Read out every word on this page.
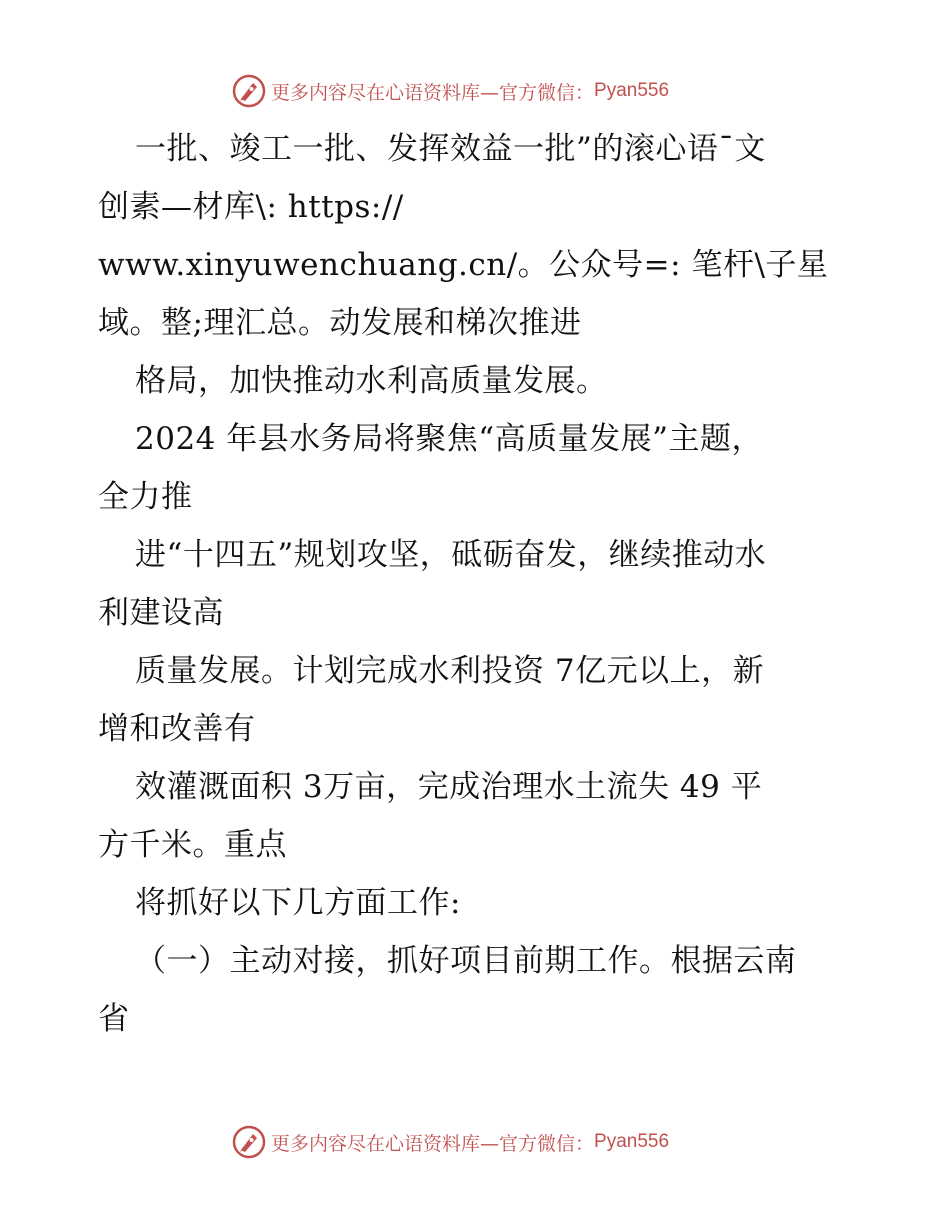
更多内容尽在心语资料库—官方微信： Pyan556
一批、竣工一批、发挥效益一批”的滚心语¯文
创素—材库\: https://
www.xinyuwenchuang.cn/。公众号=: 笔杆\子星
域。整;理汇总。动发展和梯次推进
格局，加快推动水利高质量发展。
2024 年县水务局将聚焦“高质量发展”主题，
全力推
进“十四五”规划攻坚，砥砺奋发，继续推动水
利建设高
质量发展。计划完成水利投资 7亿元以上，新
增和改善有
效灌溉面积 3万亩，完成治理水土流失 49 平
方千米。重点
将抓好以下几方面工作:
（一）主动对接，抓好项目前期工作。根据云南
省
更多内容尽在心语资料库—官方微信： Pyan556
